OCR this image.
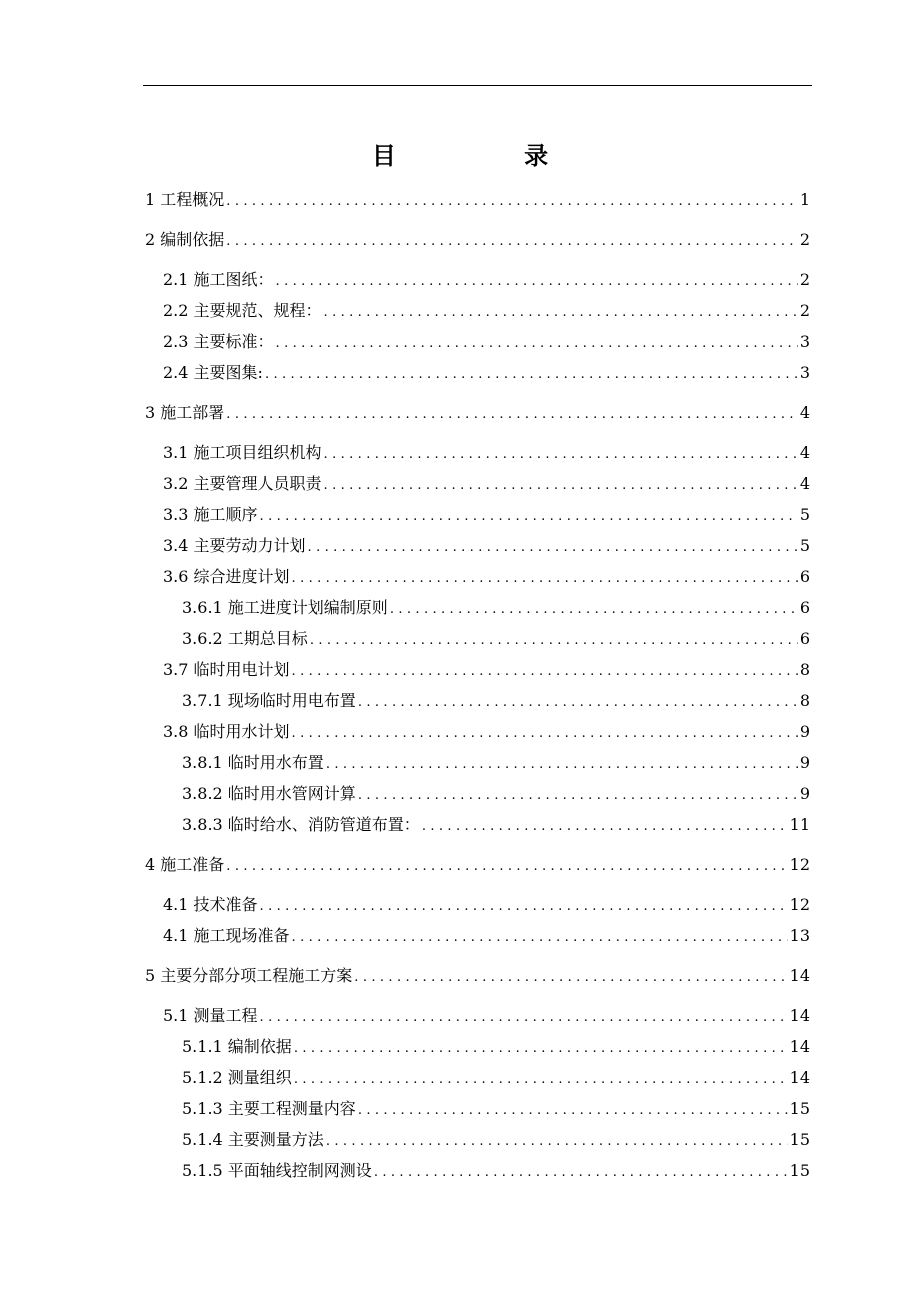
目 录
1 工程概况 .....	1
2 编制依据 .....	2
2.1 施工图纸： .....	2
2.2 主要规范、规程： .....	2
2.3 主要标准： .....	3
2.4 主要图集: .....	3
3 施工部署 .....	4
3.1 施工项目组织机构 .....	4
3.2 主要管理人员职责 .....	4
3.3 施工顺序 .....	5
3.4 主要劳动力计划 .....	5
3.6 综合进度计划 .....	6
3.6.1 施工进度计划编制原则 .....	6
3.6.2 工期总目标 .....	6
3.7 临时用电计划 .....	8
3.7.1 现场临时用电布置 .....	8
3.8 临时用水计划 .....	9
3.8.1 临时用水布置 .....	9
3.8.2 临时用水管网计算 .....	9
3.8.3 临时给水、消防管道布置： .....	11
4 施工准备 .....	12
4.1 技术准备 .....	12
4.1 施工现场准备 .....	13
5 主要分部分项工程施工方案 .....	14
5.1 测量工程 .....	14
5.1.1 编制依据 .....	14
5.1.2 测量组织 .....	14
5.1.3 主要工程测量内容 .....	15
5.1.4 主要测量方法 .....	15
5.1.5 平面轴线控制网测设 .....	15
